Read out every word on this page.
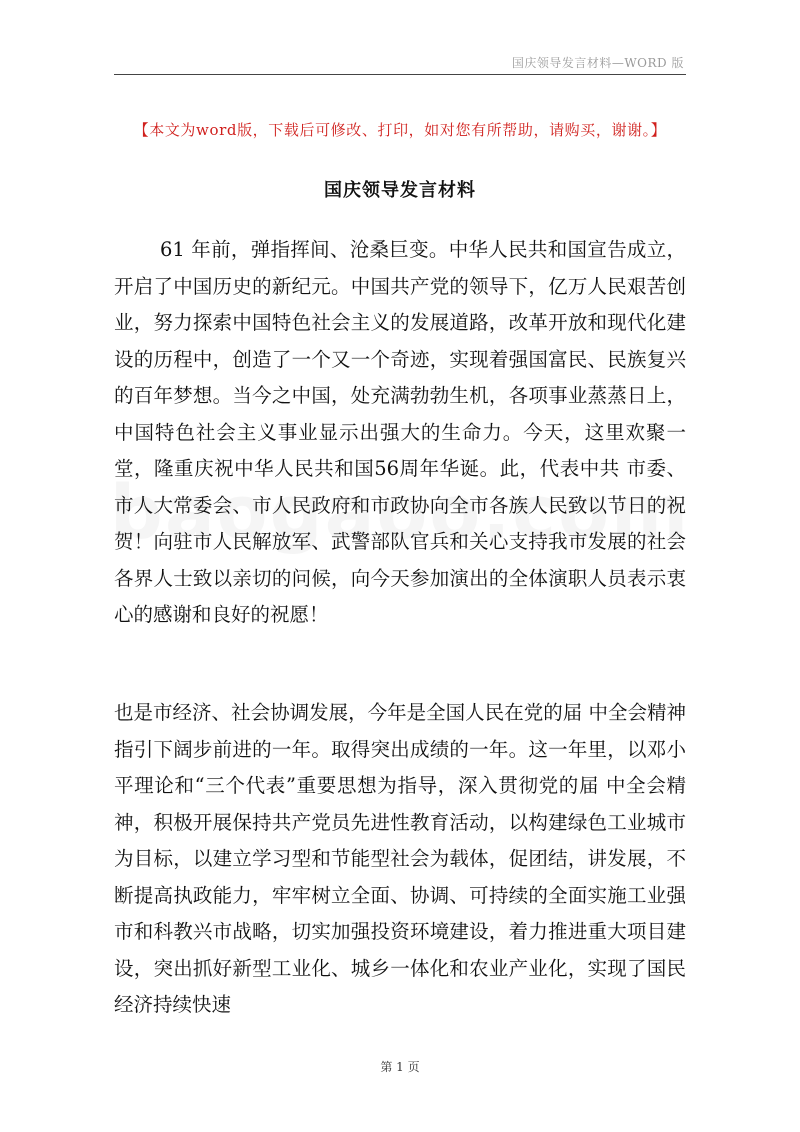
国庆领导发言材料—WORD 版
【本文为word版，下载后可修改、打印，如对您有所帮助，请购买，谢谢。】
国庆领导发言材料

61 年前，弹指挥间、沧桑巨变。中华人民共和国宣告成立，开启了中国历史的新纪元。中国共产党的领导下，亿万人民艰苦创业，努力探索中国特色社会主义的发展道路，改革开放和现代化建设的历程中，创造了一个又一个奇迹，实现着强国富民、民族复兴的百年梦想。当今之中国，处充满勃勃生机，各项事业蒸蒸日上，中国特色社会主义事业显示出强大的生命力。今天，这里欢聚一堂，隆重庆祝中华人民共和国56周年华诞。此，代表中共 市委、市人大常委会、市人民政府和市政协向全市各族人民致以节日的祝贺！向驻市人民解放军、武警部队官兵和关心支持我市发展的社会各界人士致以亲切的问候，向今天参加演出的全体演职人员表示衷心的感谢和良好的祝愿！

也是市经济、社会协调发展，今年是全国人民在党的届 中全会精神指引下阔步前进的一年。取得突出成绩的一年。这一年里，以邓小平理论和“三个代表”重要思想为指导，深入贯彻党的届 中全会精神，积极开展保持共产党员先进性教育活动，以构建绿色工业城市为目标，以建立学习型和节能型社会为载体，促团结，讲发展，不断提高执政能力，牢牢树立全面、协调、可持续的全面实施工业强市和科教兴市战略，切实加强投资环境建设，着力推进重大项目建设，突出抓好新型工业化、城乡一体化和农业产业化，实现了国民经济持续快速

第 1 页
